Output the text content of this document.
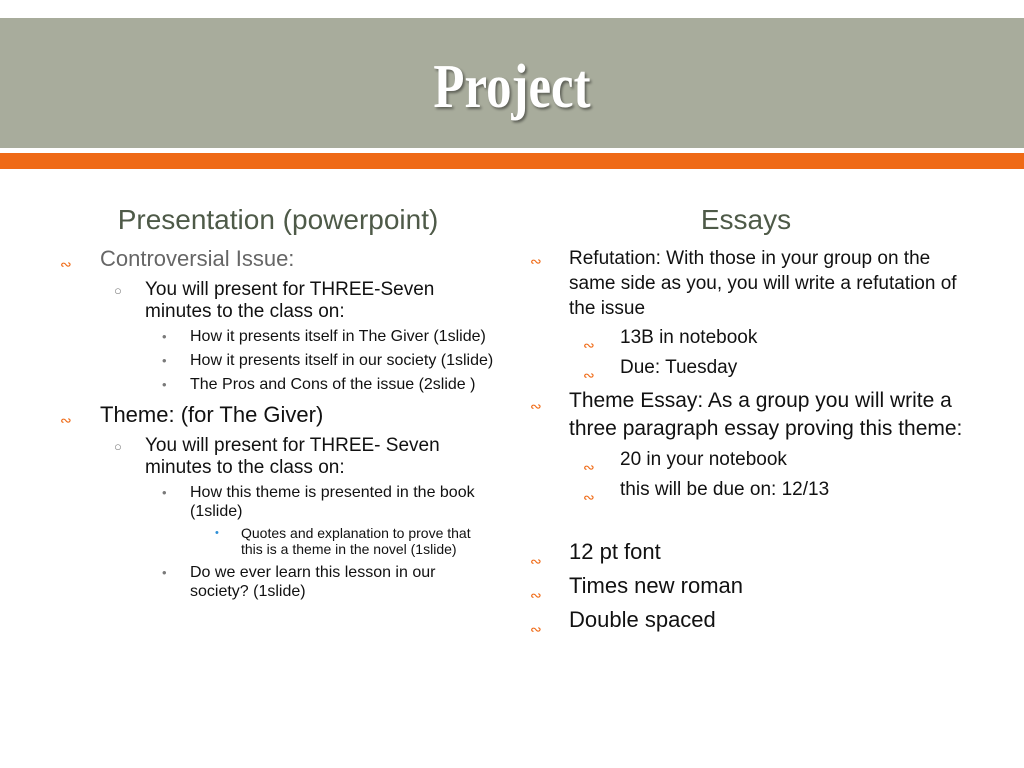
Project
Presentation (powerpoint)
∾ Controversial Issue:
○ You will present for THREE-Seven minutes to the class on:
• How it presents itself in The Giver (1slide)
• How it presents itself in our society (1slide)
• The Pros and Cons of the issue (2slide )
∾ Theme: (for The Giver)
○ You will present for THREE- Seven minutes to the class on:
• How this theme is presented in the book (1slide)
• Quotes and explanation to prove that this is a theme in the novel (1slide)
• Do we ever learn this lesson in our society? (1slide)
Essays
∾ Refutation: With those in your group on the same side as you, you will write a refutation of the issue
∾ 13B in notebook
∾ Due: Tuesday
∾ Theme Essay: As a group you will write a three paragraph essay proving this theme:
∾ 20 in your notebook
∾ this will be due on: 12/13
∾ 12 pt font
∾ Times new roman
∾ Double spaced
